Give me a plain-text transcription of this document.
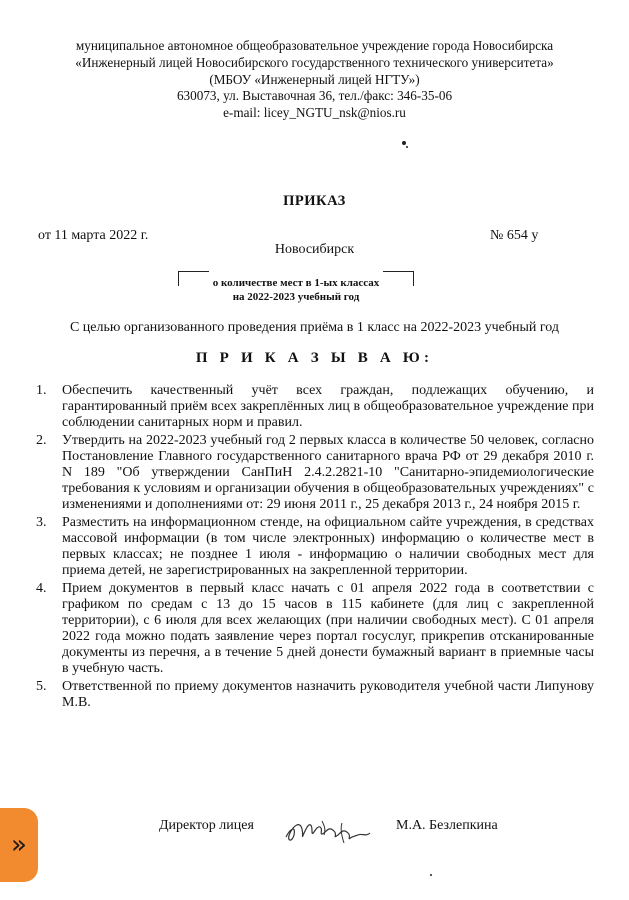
муниципальное автономное общеобразовательное учреждение города Новосибирска
«Инженерный лицей Новосибирского государственного технического университета»
(МБОУ «Инженерный лицей НГТУ»)
630073, ул. Выставочная 36, тел./факс: 346-35-06
e-mail: licey_NGTU_nsk@nios.ru
ПРИКАЗ
от 11 марта 2022 г.	№ 654 у
Новосибирск
о количестве мест в 1-ых классах
на 2022-2023 учебный год
С целью организованного проведения приёма в 1 класс на 2022-2023 учебный год
П Р И К А З Ы В А Ю:
1. Обеспечить качественный учёт всех граждан, подлежащих обучению, и гарантированный приём всех закреплённых лиц в общеобразовательное учреждение при соблюдении санитарных норм и правил.
2. Утвердить на 2022-2023 учебный год 2 первых класса в количестве 50 человек, согласно Постановление Главного государственного санитарного врача РФ от 29 декабря 2010 г. N 189 "Об утверждении СанПиН 2.4.2.2821-10 "Санитарно-эпидемиологические требования к условиям и организации обучения в общеобразовательных учреждениях" с изменениями и дополнениями от: 29 июня 2011 г., 25 декабря 2013 г., 24 ноября 2015 г.
3. Разместить на информационном стенде, на официальном сайте учреждения, в средствах массовой информации (в том числе электронных) информацию о количестве мест в первых классах; не позднее 1 июля - информацию о наличии свободных мест для приема детей, не зарегистрированных на закрепленной территории.
4. Прием документов в первый класс начать с 01 апреля 2022 года в соответствии с графиком по средам с 13 до 15 часов в 115 кабинете (для лиц с закрепленной территории), с 6 июля для всех желающих (при наличии свободных мест). С 01 апреля 2022 года можно подать заявление через портал госуслуг, прикрепив отсканированные документы из перечня, а в течение 5 дней донести бумажный вариант в приемные часы в учебную часть.
5. Ответственной по приему документов назначить руководителя учебной части Липунову М.В.
Директор лицея	М.А. Безлепкина
»
